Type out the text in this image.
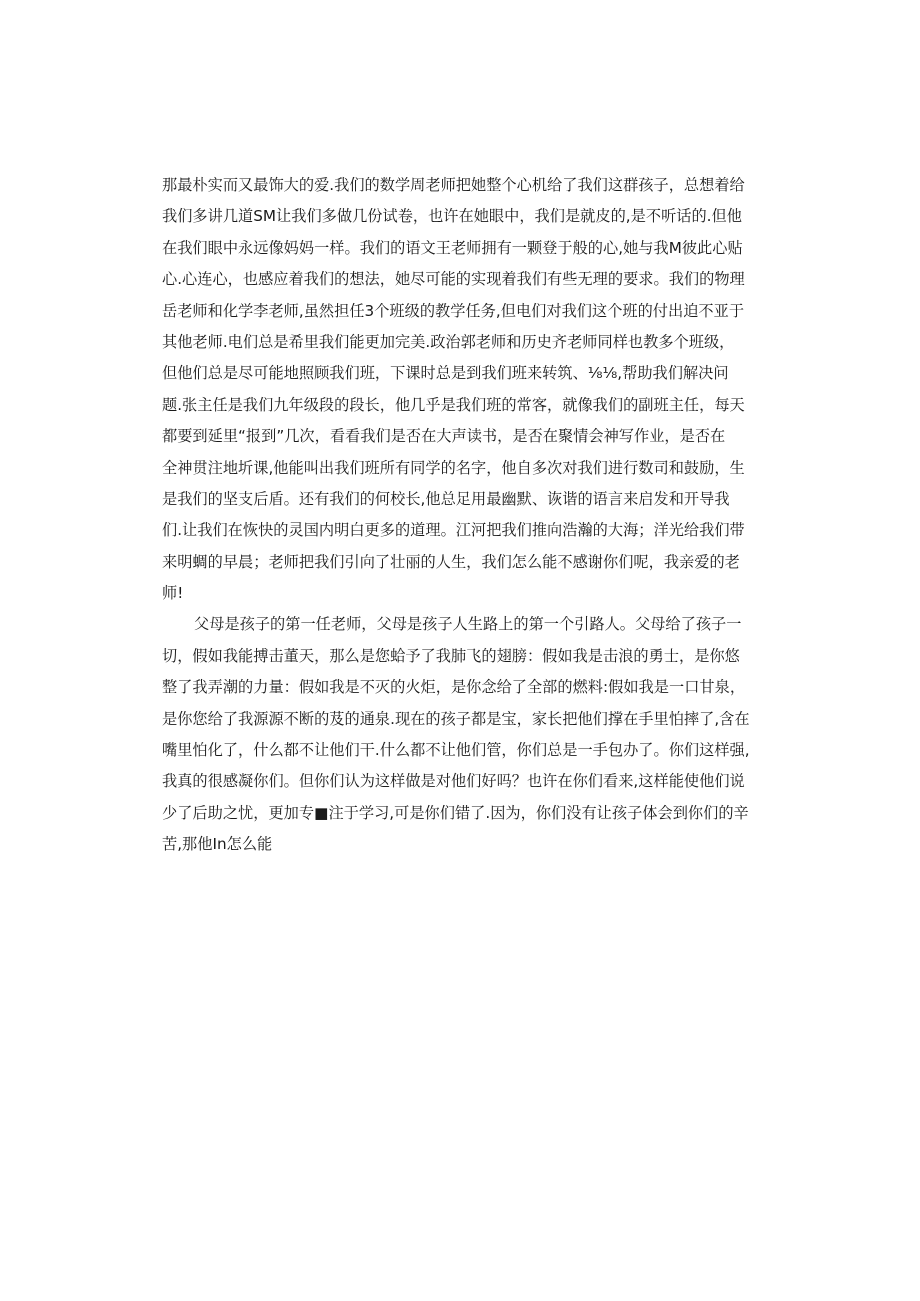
那最朴实而又最饰大的爱.我们的数学周老师把她整个心机给了我们这群孩子，总想着给
我们多讲几道SM让我们多做几份试卷，也许在她眼中，我们是就皮的,是不听话的.但他
在我们眼中永远像妈妈一样。我们的语文王老师拥有一颗登于般的心,她与我M彼此心贴
心.心连心，也感应着我们的想法，她尽可能的实现着我们有些无理的要求。我们的物理
岳老师和化学李老师,虽然担任3个班级的教学任务,但电们对我们这个班的付出迫不亚于
其他老师.电们总是希里我们能更加完美.政治郭老师和历史齐老师同样也教多个班级，
但他们总是尽可能地照顾我们班，下课时总是到我们班来转筑、⅛⅛,帮助我们解决问
题.张主任是我们九年级段的段长，他几乎是我们班的常客，就像我们的副班主任，每天
都要到延里“报到”几次，看看我们是否在大声读书，是否在聚情会神写作业，是否在
全神贯注地圻课,他能叫出我们班所有同学的名字，他自多次对我们进行数司和鼓励，生
是我们的坚支后盾。还有我们的何校长,他总足用最幽默、诙谐的语言来启发和开导我
们.让我们在恢快的灵国内明白更多的道理。江河把我们推向浩瀚的大海；洋光给我们带
来明蜩的早晨；老师把我们引向了壮丽的人生，我们怎么能不感谢你们呢，我亲爱的老
师!
父母是孩子的第一任老师，父母是孩子人生路上的第一个引路人。父母给了孩子一
切，假如我能搏击董天，那么是您蛤予了我肺飞的翅膀：假如我是击浪的勇士，是你悠
整了我弄潮的力量：假如我是不灭的火炬，是你念给了全部的燃料:假如我是一口甘泉，
是你您给了我源源不断的芨的通泉.现在的孩子都是宝，家长把他们撑在手里怕摔了,含在
嘴里怕化了，什么都不让他们干.什么都不让他们管，你们总是一手包办了。你们这样强,
我真的很感凝你们。但你们认为这样做是对他们好吗？也许在你们看来,这样能使他们说
少了后助之忧，更加专■注于学习,可是你们错了.因为，你们没有让孩子体会到你们的辛
苦,那他In怎么能
